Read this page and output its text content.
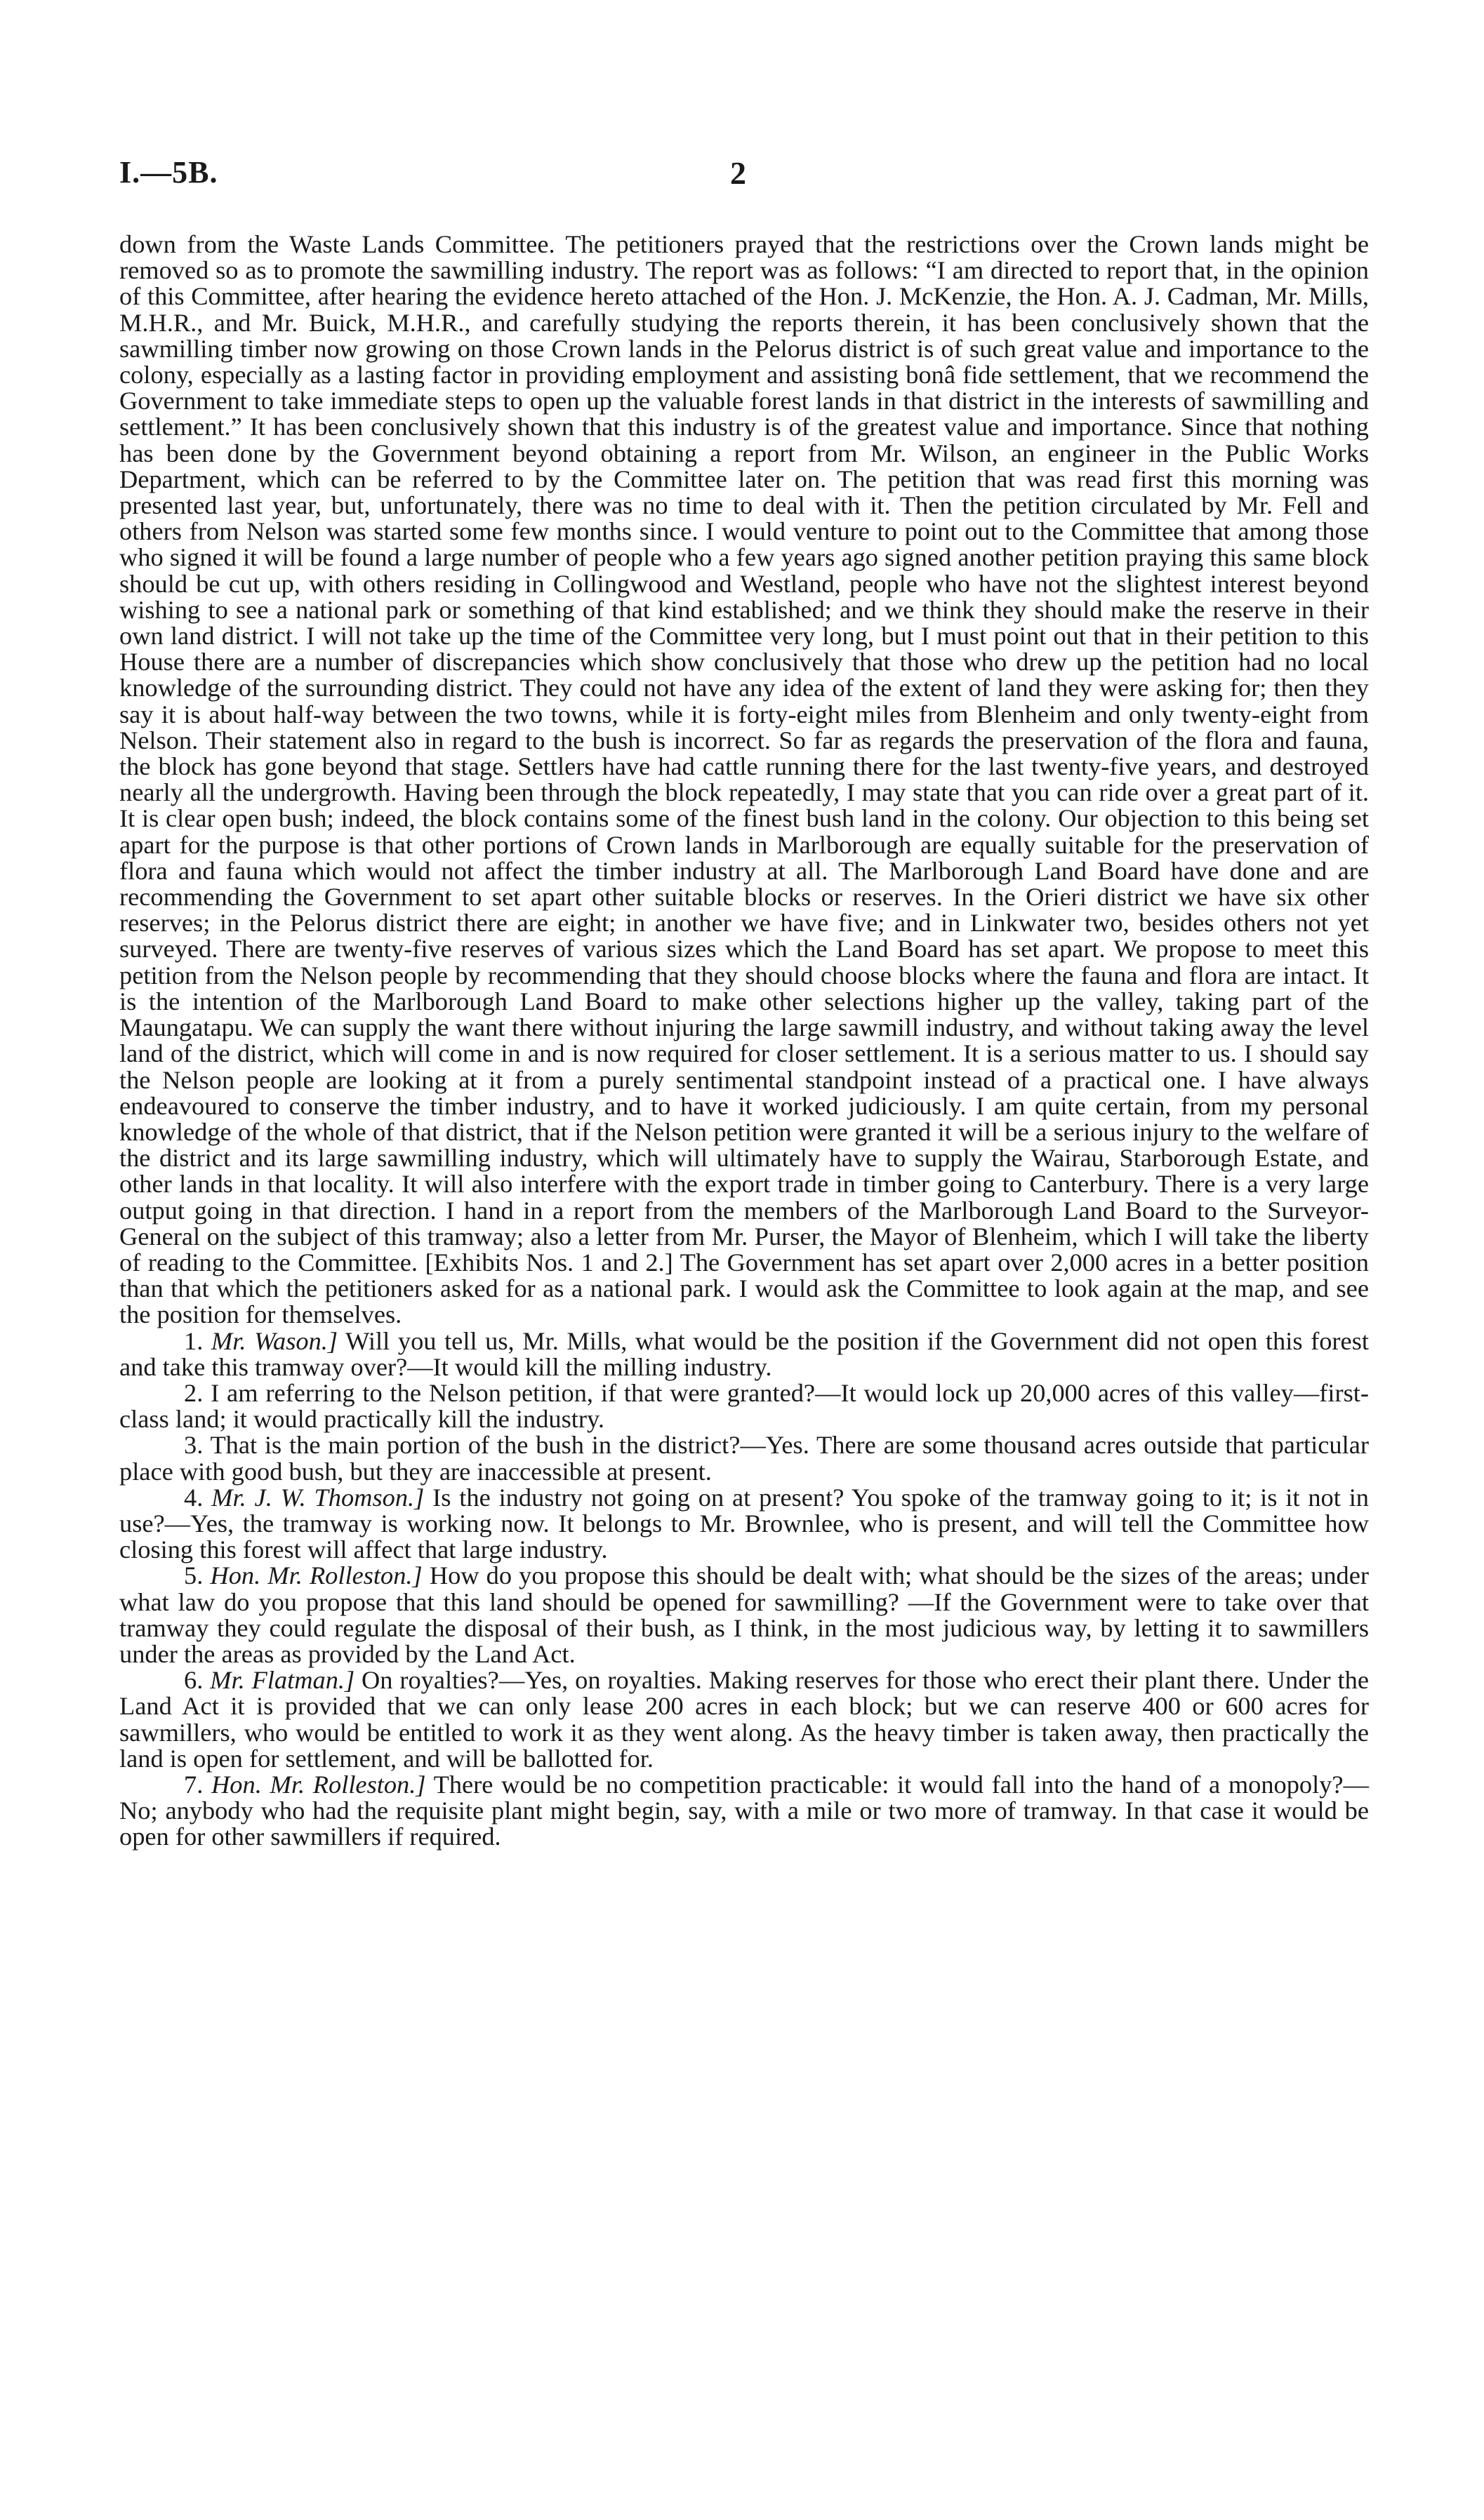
I.—5B.	2

down from the Waste Lands Committee. The petitioners prayed that the restrictions over the Crown lands might be removed so as to promote the sawmilling industry. The report was as follows: “I am directed to report that, in the opinion of this Committee, after hearing the evidence hereto attached of the Hon. J. McKenzie, the Hon. A. J. Cadman, Mr. Mills, M.H.R., and Mr. Buick, M.H.R., and carefully studying the reports therein, it has been conclusively shown that the sawmilling timber now growing on those Crown lands in the Pelorus district is of such great value and importance to the colony, especially as a lasting factor in providing employment and assisting bonâ fide settlement, that we recommend the Government to take immediate steps to open up the valuable forest lands in that district in the interests of sawmilling and settlement.” It has been conclusively shown that this industry is of the greatest value and importance. Since that nothing has been done by the Government beyond obtaining a report from Mr. Wilson, an engineer in the Public Works Department, which can be referred to by the Committee later on. The petition that was read first this morning was presented last year, but, unfortunately, there was no time to deal with it. Then the petition circulated by Mr. Fell and others from Nelson was started some few months since. I would venture to point out to the Committee that among those who signed it will be found a large number of people who a few years ago signed another petition praying this same block should be cut up, with others residing in Collingwood and Westland, people who have not the slightest interest beyond wishing to see a national park or something of that kind established; and we think they should make the reserve in their own land district. I will not take up the time of the Committee very long, but I must point out that in their petition to this House there are a number of discrepancies which show conclusively that those who drew up the petition had no local knowledge of the surrounding district. They could not have any idea of the extent of land they were asking for; then they say it is about half-way between the two towns, while it is forty-eight miles from Blenheim and only twenty-eight from Nelson. Their statement also in regard to the bush is incorrect. So far as regards the preservation of the flora and fauna, the block has gone beyond that stage. Settlers have had cattle running there for the last twenty-five years, and destroyed nearly all the undergrowth. Having been through the block repeatedly, I may state that you can ride over a great part of it. It is clear open bush; indeed, the block contains some of the finest bush land in the colony. Our objection to this being set apart for the purpose is that other portions of Crown lands in Marlborough are equally suitable for the preservation of flora and fauna which would not affect the timber industry at all. The Marlborough Land Board have done and are recommending the Government to set apart other suitable blocks or reserves. In the Orieri district we have six other reserves; in the Pelorus district there are eight; in another we have five; and in Linkwater two, besides others not yet surveyed. There are twenty-five reserves of various sizes which the Land Board has set apart. We propose to meet this petition from the Nelson people by recommending that they should choose blocks where the fauna and flora are intact. It is the intention of the Marlborough Land Board to make other selections higher up the valley, taking part of the Maungatapu. We can supply the want there without injuring the large sawmill industry, and without taking away the level land of the district, which will come in and is now required for closer settlement. It is a serious matter to us. I should say the Nelson people are looking at it from a purely sentimental standpoint instead of a practical one. I have always endeavoured to conserve the timber industry, and to have it worked judiciously. I am quite certain, from my personal knowledge of the whole of that district, that if the Nelson petition were granted it will be a serious injury to the welfare of the district and its large sawmilling industry, which will ultimately have to supply the Wairau, Starborough Estate, and other lands in that locality. It will also interfere with the export trade in timber going to Canterbury. There is a very large output going in that direction. I hand in a report from the members of the Marlborough Land Board to the Surveyor-General on the subject of this tramway; also a letter from Mr. Purser, the Mayor of Blenheim, which I will take the liberty of reading to the Committee. [Exhibits Nos. 1 and 2.] The Government has set apart over 2,000 acres in a better position than that which the petitioners asked for as a national park. I would ask the Committee to look again at the map, and see the position for themselves.

1. Mr. Wason.] Will you tell us, Mr. Mills, what would be the position if the Government did not open this forest and take this tramway over?—It would kill the milling industry.

2. I am referring to the Nelson petition, if that were granted?—It would lock up 20,000 acres of this valley—first-class land; it would practically kill the industry.

3. That is the main portion of the bush in the district?—Yes. There are some thousand acres outside that particular place with good bush, but they are inaccessible at present.

4. Mr. J. W. Thomson.] Is the industry not going on at present? You spoke of the tramway going to it; is it not in use?—Yes, the tramway is working now. It belongs to Mr. Brownlee, who is present, and will tell the Committee how closing this forest will affect that large industry.

5. Hon. Mr. Rolleston.] How do you propose this should be dealt with; what should be the sizes of the areas; under what law do you propose that this land should be opened for sawmilling? —If the Government were to take over that tramway they could regulate the disposal of their bush, as I think, in the most judicious way, by letting it to sawmillers under the areas as provided by the Land Act.

6. Mr. Flatman.] On royalties?—Yes, on royalties. Making reserves for those who erect their plant there. Under the Land Act it is provided that we can only lease 200 acres in each block; but we can reserve 400 or 600 acres for sawmillers, who would be entitled to work it as they went along. As the heavy timber is taken away, then practically the land is open for settlement, and will be ballotted for.

7. Hon. Mr. Rolleston.] There would be no competition practicable: it would fall into the hand of a monopoly?—No; anybody who had the requisite plant might begin, say, with a mile or two more of tramway. In that case it would be open for other sawmillers if required.
